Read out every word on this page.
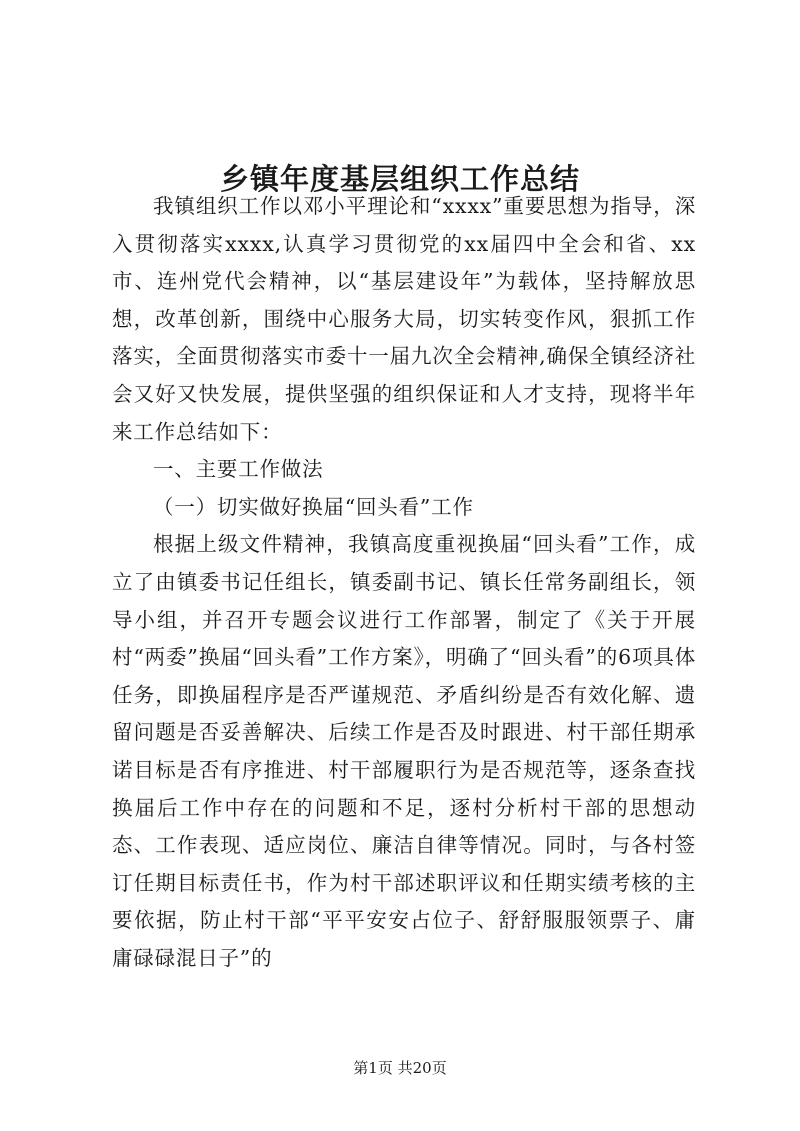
乡镇年度基层组织工作总结

我镇组织工作以邓小平理论和“xxxx”重要思想为指导，深入贯彻落实xxxx,认真学习贯彻党的xx届四中全会和省、xx市、连州党代会精神，以“基层建设年”为载体，坚持解放思想，改革创新，围绕中心服务大局，切实转变作风，狠抓工作落实，全面贯彻落实市委十一届九次全会精神,确保全镇经济社会又好又快发展，提供坚强的组织保证和人才支持，现将半年来工作总结如下：

一、主要工作做法

（一）切实做好换届“回头看”工作

根据上级文件精神，我镇高度重视换届“回头看”工作，成立了由镇委书记任组长，镇委副书记、镇长任常务副组长，领导小组，并召开专题会议进行工作部署，制定了《关于开展村“两委”换届“回头看”工作方案》，明确了“回头看”的6项具体任务，即换届程序是否严谨规范、矛盾纠纷是否有效化解、遗留问题是否妥善解决、后续工作是否及时跟进、村干部任期承诺目标是否有序推进、村干部履职行为是否规范等，逐条查找换届后工作中存在的问题和不足，逐村分析村干部的思想动态、工作表现、适应岗位、廉洁自律等情况。同时，与各村签订任期目标责任书，作为村干部述职评议和任期实绩考核的主要依据，防止村干部“平平安安占位子、舒舒服服领票子、庸庸碌碌混日子”的

第1页 共20页
